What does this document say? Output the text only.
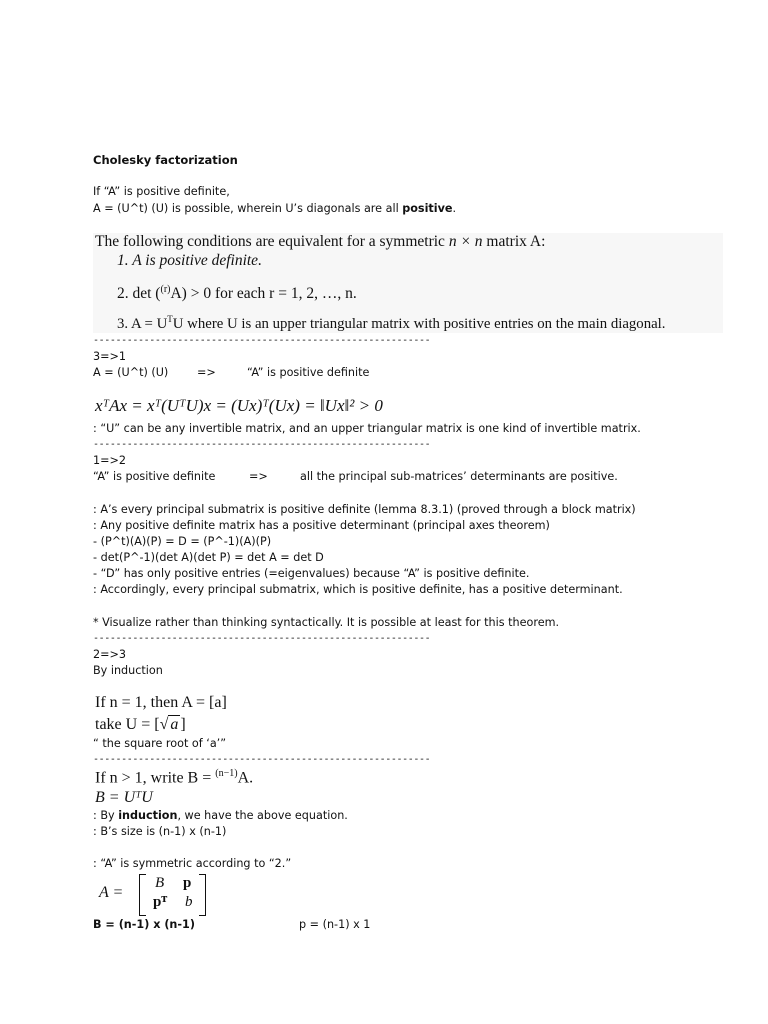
Cholesky factorization
If “A” is positive definite,
A = (U^t) (U) is possible, wherein U’s diagonals are all positive.
The following conditions are equivalent for a symmetric n × n matrix A:
1. A is positive definite.
2. det ($^{(r)}$A) > 0 for each r = 1, 2, …, n.
3. $A = U^TU$ where U is an upper triangular matrix with positive entries on the main diagonal.
------------------------------------------------------------
3=>1
A = (U^t) (U)	=>	“A” is positive definite
xᵀAx = xᵀ(UᵀU)x = (Ux)ᵀ(Ux) = ‖Ux‖² > 0
: “U” can be any invertible matrix, and an upper triangular matrix is one kind of invertible matrix.
------------------------------------------------------------
1=>2
“A” is positive definite	=>	all the principal sub-matrices’ determinants are positive.
: A’s every principal submatrix is positive definite (lemma 8.3.1) (proved through a block matrix)
: Any positive definite matrix has a positive determinant (principal axes theorem)
- (P^t)(A)(P) = D = (P^-1)(A)(P)
- det(P^-1)(det A)(det P) = det A = det D
- “D” has only positive entries (=eigenvalues) because “A” is positive definite.
: Accordingly, every principal submatrix, which is positive definite, has a positive determinant.
* Visualize rather than thinking syntactically. It is possible at least for this theorem.
------------------------------------------------------------
2=>3
By induction
If n = 1, then A = [a]
take U = [√ a ]
“ the square root of ‘a’”
------------------------------------------------------------
If n > 1, write B = $^{(n-1)}$A.
B = UᵀU
: By induction, we have the above equation.
: B’s size is (n-1) x (n-1)
: “A” is symmetric according to “2.”
A =
B p
pᵀ b
B = (n-1) x (n-1)	p = (n-1) x 1
